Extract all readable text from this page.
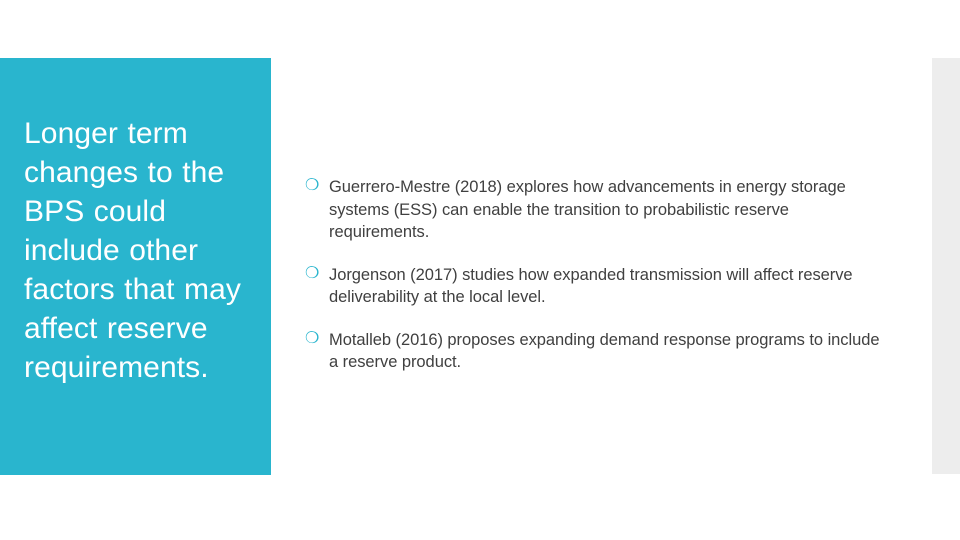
Longer term changes to the BPS could include other factors that may affect reserve requirements.
❍ Guerrero-Mestre (2018) explores how advancements in energy storage systems (ESS) can enable the transition to probabilistic reserve requirements.
❍ Jorgenson (2017) studies how expanded transmission will affect reserve deliverability at the local level.
❍ Motalleb (2016) proposes expanding demand response programs to include a reserve product.
